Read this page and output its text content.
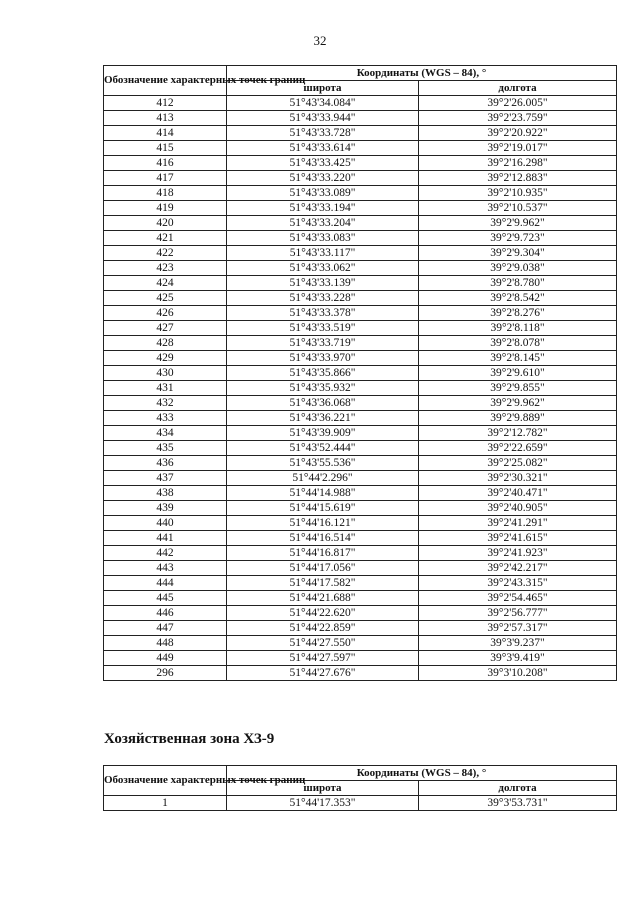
32
Обозначение характерных точек границ	Координаты (WGS – 84), °	
	широта	долгота
412	51°43'34.084"	39°2'26.005"
413	51°43'33.944"	39°2'23.759"
414	51°43'33.728"	39°2'20.922"
415	51°43'33.614"	39°2'19.017"
416	51°43'33.425"	39°2'16.298"
417	51°43'33.220"	39°2'12.883"
418	51°43'33.089"	39°2'10.935"
419	51°43'33.194"	39°2'10.537"
420	51°43'33.204"	39°2'9.962"
421	51°43'33.083"	39°2'9.723"
422	51°43'33.117"	39°2'9.304"
423	51°43'33.062"	39°2'9.038"
424	51°43'33.139"	39°2'8.780"
425	51°43'33.228"	39°2'8.542"
426	51°43'33.378"	39°2'8.276"
427	51°43'33.519"	39°2'8.118"
428	51°43'33.719"	39°2'8.078"
429	51°43'33.970"	39°2'8.145"
430	51°43'35.866"	39°2'9.610"
431	51°43'35.932"	39°2'9.855"
432	51°43'36.068"	39°2'9.962"
433	51°43'36.221"	39°2'9.889"
434	51°43'39.909"	39°2'12.782"
435	51°43'52.444"	39°2'22.659"
436	51°43'55.536"	39°2'25.082"
437	51°44'2.296"	39°2'30.321"
438	51°44'14.988"	39°2'40.471"
439	51°44'15.619"	39°2'40.905"
440	51°44'16.121"	39°2'41.291"
441	51°44'16.514"	39°2'41.615"
442	51°44'16.817"	39°2'41.923"
443	51°44'17.056"	39°2'42.217"
444	51°44'17.582"	39°2'43.315"
445	51°44'21.688"	39°2'54.465"
446	51°44'22.620"	39°2'56.777"
447	51°44'22.859"	39°2'57.317"
448	51°44'27.550"	39°3'9.237"
449	51°44'27.597"	39°3'9.419"
296	51°44'27.676"	39°3'10.208"
Хозяйственная зона ХЗ-9
Обозначение характерных точек границ	Координаты (WGS – 84), °	
	широта	долгота
1	51°44'17.353"	39°3'53.731"
